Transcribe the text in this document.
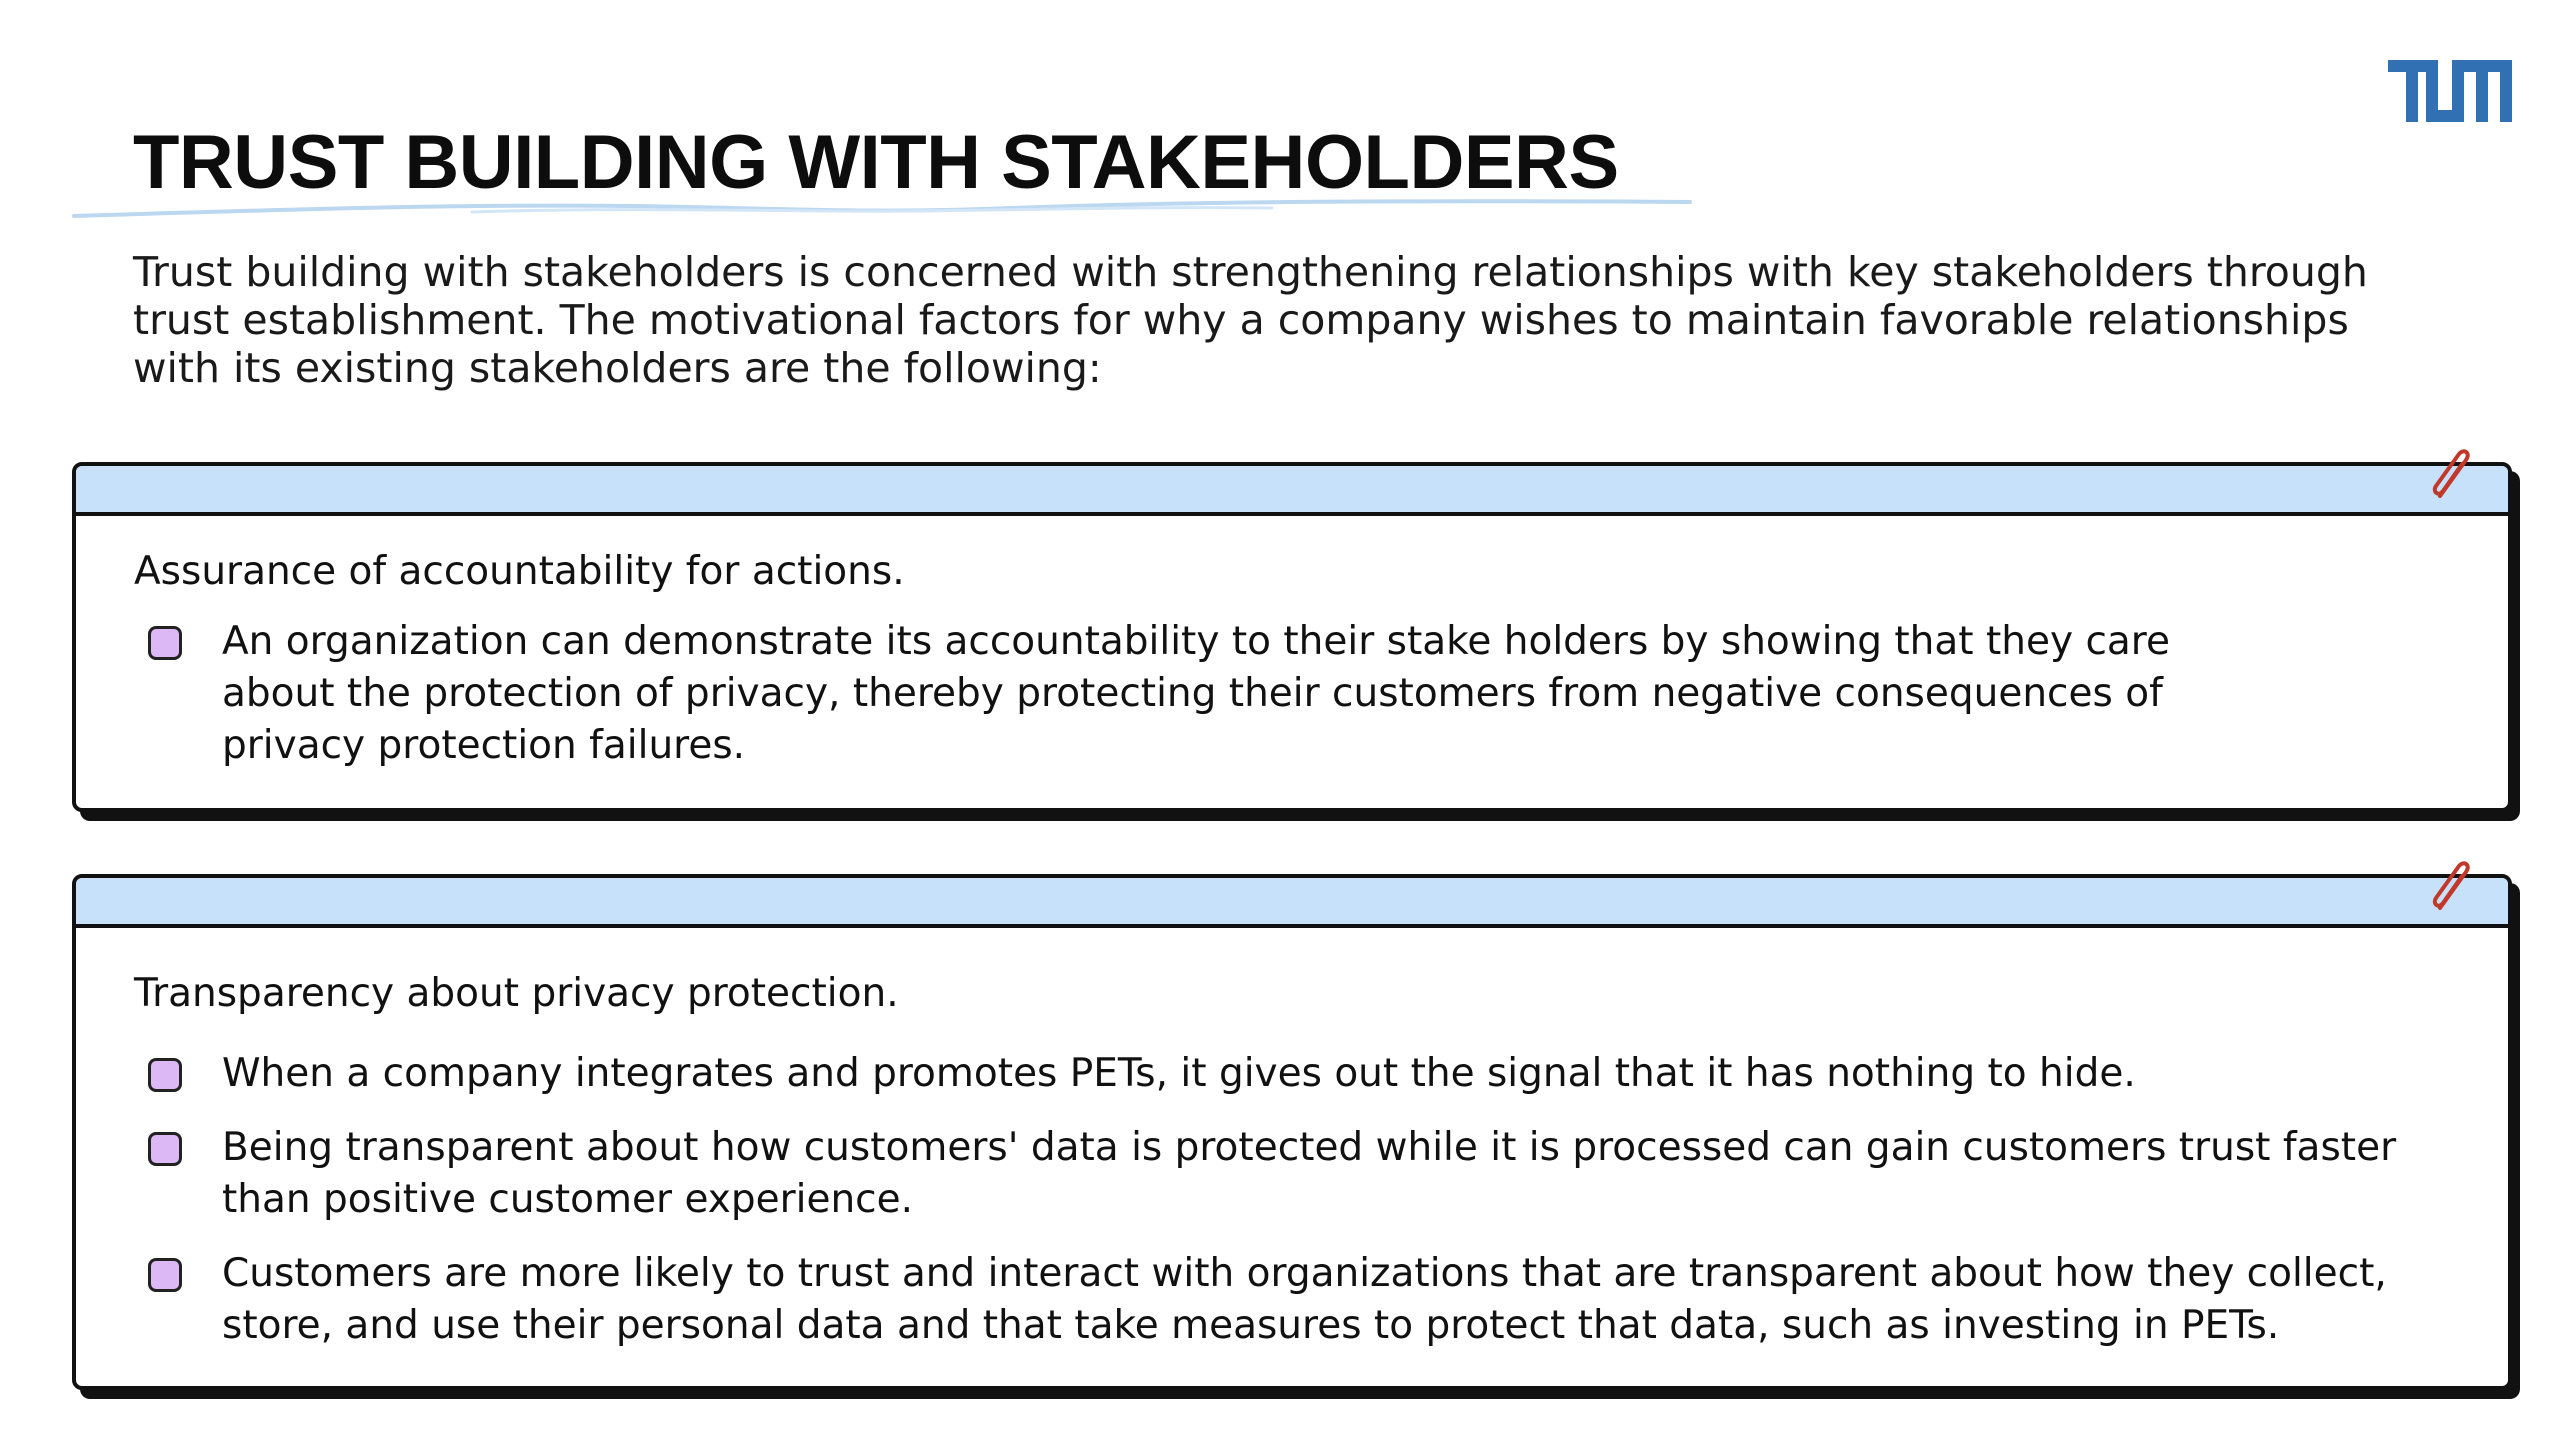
TRUST BUILDING WITH STAKEHOLDERS

Trust building with stakeholders is concerned with strengthening relationships with key stakeholders through trust establishment. The motivational factors for why a company wishes to maintain favorable relationships with its existing stakeholders are the following:

Assurance of accountability for actions.

An organization can demonstrate its accountability to their stake holders by showing that they care about the protection of privacy, thereby protecting their customers from negative consequences of privacy protection failures.

Transparency about privacy protection.

When a company integrates and promotes PETs, it gives out the signal that it has nothing to hide.
Being transparent about how customers' data is protected while it is processed can gain customers trust faster than positive customer experience.
Customers are more likely to trust and interact with organizations that are transparent about how they collect, store, and use their personal data and that take measures to protect that data, such as investing in PETs.
